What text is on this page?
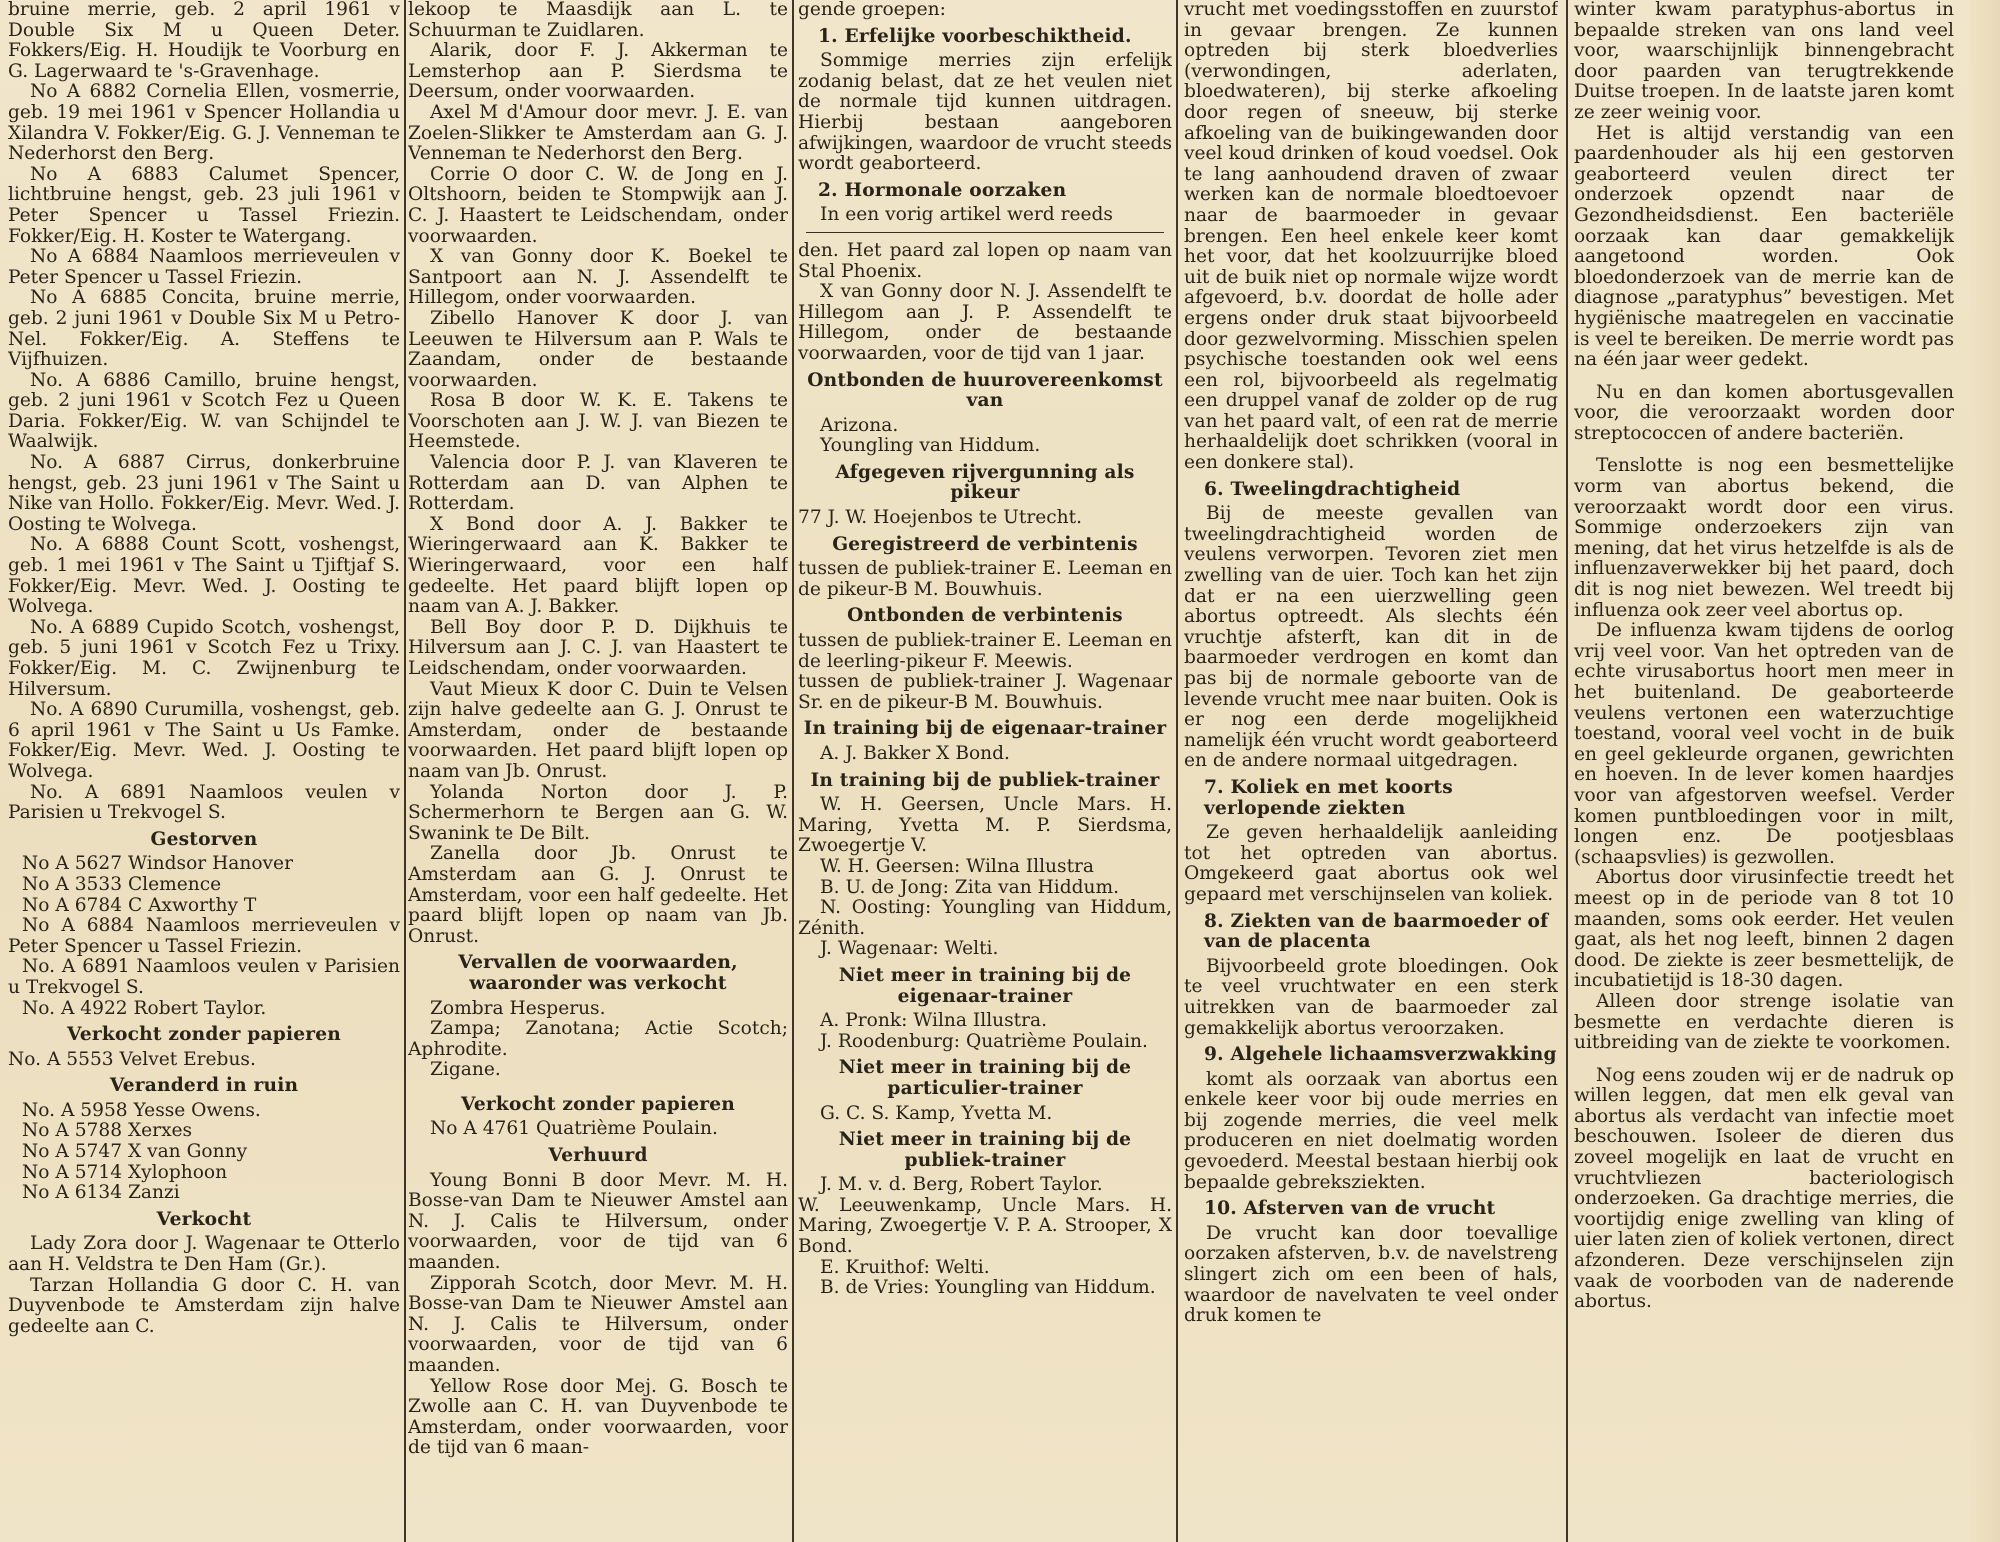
bruine merrie, geb. 2 april 1961 v Double Six M u Queen Deter. Fokkers/Eig. H. Houdijk te Voorburg en G. Lagerwaard te 's-Gravenhage.

No A 6882 Cornelia Ellen, vosmerrie, geb. 19 mei 1961 v Spencer Hollandia u Xilandra V. Fokker/Eig. G. J. Venneman te Nederhorst den Berg.

No A 6883 Calumet Spencer, lichtbruine hengst, geb. 23 juli 1961 v Peter Spencer u Tassel Friezin. Fokker/Eig. H. Koster te Watergang.

No A 6884 Naamloos merrieveulen v Peter Spencer u Tassel Friezin.

No A 6885 Concita, bruine merrie, geb. 2 juni 1961 v Double Six M u Petro-Nel. Fokker/Eig. A. Steffens te Vijfhuizen.

No. A 6886 Camillo, bruine hengst, geb. 2 juni 1961 v Scotch Fez u Queen Daria. Fokker/Eig. W. van Schijndel te Waalwijk.

No. A 6887 Cirrus, donkerbruine hengst, geb. 23 juni 1961 v The Saint u Nike van Hollo. Fokker/Eig. Mevr. Wed. J. Oosting te Wolvega.

No. A 6888 Count Scott, voshengst, geb. 1 mei 1961 v The Saint u Tjiftjaf S. Fokker/Eig. Mevr. Wed. J. Oosting te Wolvega.

No. A 6889 Cupido Scotch, voshengst, geb. 5 juni 1961 v Scotch Fez u Trixy. Fokker/Eig. M. C. Zwijnenburg te Hilversum.

No. A 6890 Curumilla, voshengst, geb. 6 april 1961 v The Saint u Us Famke. Fokker/Eig. Mevr. Wed. J. Oosting te Wolvega.

No. A 6891 Naamloos veulen v Parisien u Trekvogel S.

Gestorven

No A 5627 Windsor Hanover

No A 3533 Clemence

No A 6784 C Axworthy T

No A 6884 Naamloos merrieveulen v Peter Spencer u Tassel Friezin.

No. A 6891 Naamloos veulen v Parisien u Trekvogel S.

No. A 4922 Robert Taylor.

Verkocht zonder papieren

No. A 5553 Velvet Erebus.

Veranderd in ruin

No. A 5958 Yesse Owens.

No A 5788 Xerxes

No A 5747 X van Gonny

No A 5714 Xylophoon

No A 6134 Zanzi

Verkocht

Lady Zora door J. Wagenaar te Otterlo aan H. Veldstra te Den Ham (Gr.).

Tarzan Hollandia G door C. H. van Duyvenbode te Amsterdam zijn halve gedeelte aan C.

lekoop te Maasdijk aan L. te Schuurman te Zuidlaren.

Alarik, door F. J. Akkerman te Lemsterhop aan P. Sierdsma te Deersum, onder voorwaarden.

Axel M d'Amour door mevr. J. E. van Zoelen-Slikker te Amsterdam aan G. J. Venneman te Nederhorst den Berg.

Corrie O door C. W. de Jong en J. Oltshoorn, beiden te Stompwijk aan J. C. J. Haastert te Leidschendam, onder voorwaarden.

X van Gonny door K. Boekel te Santpoort aan N. J. Assendelft te Hillegom, onder voorwaarden.

Zibello Hanover K door J. van Leeuwen te Hilversum aan P. Wals te Zaandam, onder de bestaande voorwaarden.

Rosa B door W. K. E. Takens te Voorschoten aan J. W. J. van Biezen te Heemstede.

Valencia door P. J. van Klaveren te Rotterdam aan D. van Alphen te Rotterdam.

X Bond door A. J. Bakker te Wieringerwaard aan K. Bakker te Wieringerwaard, voor een half gedeelte. Het paard blijft lopen op naam van A. J. Bakker.

Bell Boy door P. D. Dijkhuis te Hilversum aan J. C. J. van Haastert te Leidschendam, onder voorwaarden.

Vaut Mieux K door C. Duin te Velsen zijn halve gedeelte aan G. J. Onrust te Amsterdam, onder de bestaande voorwaarden. Het paard blijft lopen op naam van Jb. Onrust.

Yolanda Norton door J. P. Schermerhorn te Bergen aan G. W. Swanink te De Bilt.

Zanella door Jb. Onrust te Amsterdam aan G. J. Onrust te Amsterdam, voor een half gedeelte. Het paard blijft lopen op naam van Jb. Onrust.

Vervallen de voorwaarden, waaronder was verkocht

Zombra Hesperus.

Zampa; Zanotana; Actie Scotch; Aphrodite.

Zigane.

Verkocht zonder papieren

No A 4761 Quatrième Poulain.

Verhuurd

Young Bonni B door Mevr. M. H. Bosse-van Dam te Nieuwer Amstel aan N. J. Calis te Hilversum, onder voorwaarden, voor de tijd van 6 maanden.

Zipporah Scotch, door Mevr. M. H. Bosse-van Dam te Nieuwer Amstel aan N. J. Calis te Hilversum, onder voorwaarden, voor de tijd van 6 maanden.

Yellow Rose door Mej. G. Bosch te Zwolle aan C. H. van Duyvenbode te Amsterdam, onder voorwaarden, voor de tijd van 6 maan-

gende groepen:

1. Erfelijke voorbeschiktheid.

Sommige merries zijn erfelijk zodanig belast, dat ze het veulen niet de normale tijd kunnen uitdragen. Hierbij bestaan aangeboren afwijkingen, waardoor de vrucht steeds wordt geaborteerd.

2. Hormonale oorzaken

In een vorig artikel werd reeds

den. Het paard zal lopen op naam van Stal Phoenix.

X van Gonny door N. J. Assendelft te Hillegom aan J. P. Assendelft te Hillegom, onder de bestaande voorwaarden, voor de tijd van 1 jaar.

Ontbonden de huurovereenkomst van

Arizona.

Youngling van Hiddum.

Afgegeven rijvergunning als pikeur

77 J. W. Hoejenbos te Utrecht.

Geregistreerd de verbintenis

tussen de publiek-trainer E. Leeman en de pikeur-B M. Bouwhuis.

Ontbonden de verbintenis

tussen de publiek-trainer E. Leeman en de leerling-pikeur F. Meewis.

tussen de publiek-trainer J. Wagenaar Sr. en de pikeur-B M. Bouwhuis.

In training bij de eigenaar-trainer

A. J. Bakker X Bond.

In training bij de publiek-trainer

W. H. Geersen, Uncle Mars. H. Maring, Yvetta M. P. Sierdsma, Zwoegertje V.

W. H. Geersen: Wilna Illustra

B. U. de Jong: Zita van Hiddum.

N. Oosting: Youngling van Hiddum, Zénith.

J. Wagenaar: Welti.

Niet meer in training bij de eigenaar-trainer

A. Pronk: Wilna Illustra.

J. Roodenburg: Quatrième Poulain.

Niet meer in training bij de particulier-trainer

G. C. S. Kamp, Yvetta M.

Niet meer in training bij de publiek-trainer

J. M. v. d. Berg, Robert Taylor.

W. Leeuwenkamp, Uncle Mars. H. Maring, Zwoegertje V. P. A. Strooper, X Bond.

E. Kruithof: Welti.

B. de Vries: Youngling van Hiddum.

vrucht met voedingsstoffen en zuurstof in gevaar brengen. Ze kunnen optreden bij sterk bloedverlies (verwondingen, aderlaten, bloedwateren), bij sterke afkoeling door regen of sneeuw, bij sterke afkoeling van de buikingewanden door veel koud drinken of koud voedsel. Ook te lang aanhoudend draven of zwaar werken kan de normale bloedtoevoer naar de baarmoeder in gevaar brengen. Een heel enkele keer komt het voor, dat het koolzuurrijke bloed uit de buik niet op normale wijze wordt afgevoerd, b.v. doordat de holle ader ergens onder druk staat bijvoorbeeld door gezwelvorming. Misschien spelen psychische toestanden ook wel eens een rol, bijvoorbeeld als regelmatig een druppel vanaf de zolder op de rug van het paard valt, of een rat de merrie herhaaldelijk doet schrikken (vooral in een donkere stal).

6. Tweelingdrachtigheid

Bij de meeste gevallen van tweelingdrachtigheid worden de veulens verworpen. Tevoren ziet men zwelling van de uier. Toch kan het zijn dat er na een uierzwelling geen abortus optreedt. Als slechts één vruchtje afsterft, kan dit in de baarmoeder verdrogen en komt dan pas bij de normale geboorte van de levende vrucht mee naar buiten. Ook is er nog een derde mogelijkheid namelijk één vrucht wordt geaborteerd en de andere normaal uitgedragen.

7. Koliek en met koorts verlopende ziekten

Ze geven herhaaldelijk aanleiding tot het optreden van abortus. Omgekeerd gaat abortus ook wel gepaard met verschijnselen van koliek.

8. Ziekten van de baarmoeder of van de placenta

Bijvoorbeeld grote bloedingen. Ook te veel vruchtwater en een sterk uitrekken van de baarmoeder zal gemakkelijk abortus veroorzaken.

9. Algehele lichaamsverzwakking

komt als oorzaak van abortus een enkele keer voor bij oude merries en bij zogende merries, die veel melk produceren en niet doelmatig worden gevoederd. Meestal bestaan hierbij ook bepaalde gebreksziekten.

10. Afsterven van de vrucht

De vrucht kan door toevallige oorzaken afsterven, b.v. de navelstreng slingert zich om een been of hals, waardoor de navelvaten te veel onder druk komen te

winter kwam paratyphus-abortus in bepaalde streken van ons land veel voor, waarschijnlijk binnengebracht door paarden van terugtrekkende Duitse troepen. In de laatste jaren komt ze zeer weinig voor.

Het is altijd verstandig van een paardenhouder als hij een gestorven geaborteerd veulen direct ter onderzoek opzendt naar de Gezondheidsdienst. Een bacteriële oorzaak kan daar gemakkelijk aangetoond worden. Ook bloedonderzoek van de merrie kan de diagnose „paratyphus” bevestigen. Met hygiënische maatregelen en vaccinatie is veel te bereiken. De merrie wordt pas na één jaar weer gedekt.

Nu en dan komen abortusgevallen voor, die veroorzaakt worden door streptococcen of andere bacteriën.

Tenslotte is nog een besmettelijke vorm van abortus bekend, die veroorzaakt wordt door een virus. Sommige onderzoekers zijn van mening, dat het virus hetzelfde is als de influenzaverwekker bij het paard, doch dit is nog niet bewezen. Wel treedt bij influenza ook zeer veel abortus op.

De influenza kwam tijdens de oorlog vrij veel voor. Van het optreden van de echte virusabortus hoort men meer in het buitenland. De geaborteerde veulens vertonen een waterzuchtige toestand, vooral veel vocht in de buik en geel gekleurde organen, gewrichten en hoeven. In de lever komen haardjes voor van afgestorven weefsel. Verder komen puntbloedingen voor in milt, longen enz. De pootjesblaas (schaapsvlies) is gezwollen.

Abortus door virusinfectie treedt het meest op in de periode van 8 tot 10 maanden, soms ook eerder. Het veulen gaat, als het nog leeft, binnen 2 dagen dood. De ziekte is zeer besmettelijk, de incubatietijd is 18-30 dagen.

Alleen door strenge isolatie van besmette en verdachte dieren is uitbreiding van de ziekte te voorkomen.

Nog eens zouden wij er de nadruk op willen leggen, dat men elk geval van abortus als verdacht van infectie moet beschouwen. Isoleer de dieren dus zoveel mogelijk en laat de vrucht en vruchtvliezen bacteriologisch onderzoeken. Ga drachtige merries, die voortijdig enige zwelling van kling of uier laten zien of koliek vertonen, direct afzonderen. Deze verschijnselen zijn vaak de voorboden van de naderende abortus.
